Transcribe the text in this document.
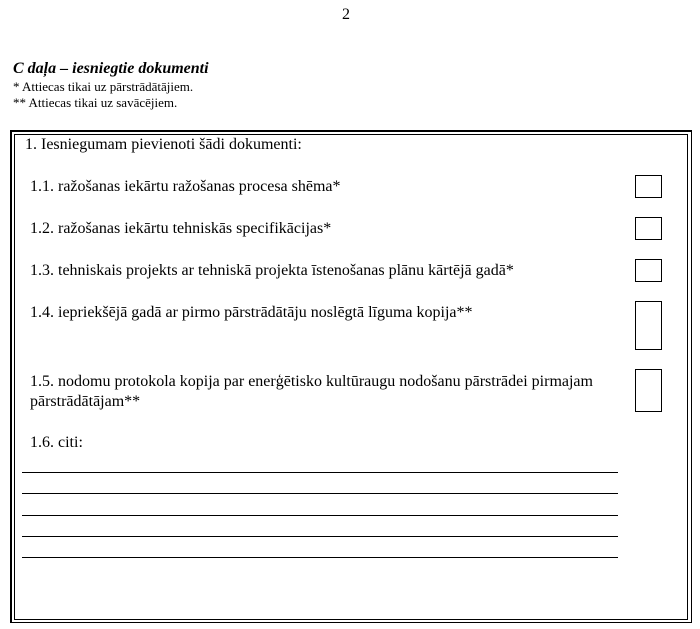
2
C daļa – iesniegtie dokumenti
* Attiecas tikai uz pārstrādātājiem.
** Attiecas tikai uz savācējiem.
1. Iesniegumam pievienoti šādi dokumenti:
1.1. ražošanas iekārtu ražošanas procesa shēma*
1.2. ražošanas iekārtu tehniskās specifikācijas*
1.3. tehniskais projekts ar tehniskā projekta īstenošanas plānu kārtējā gadā*
1.4. iepriekšējā gadā ar pirmo pārstrādātāju noslēgtā līguma kopija**
1.5. nodomu protokola kopija par enerģētisko kultūraugu nodošanu pārstrādei pirmajam pārstrādātājam**
1.6. citi:
